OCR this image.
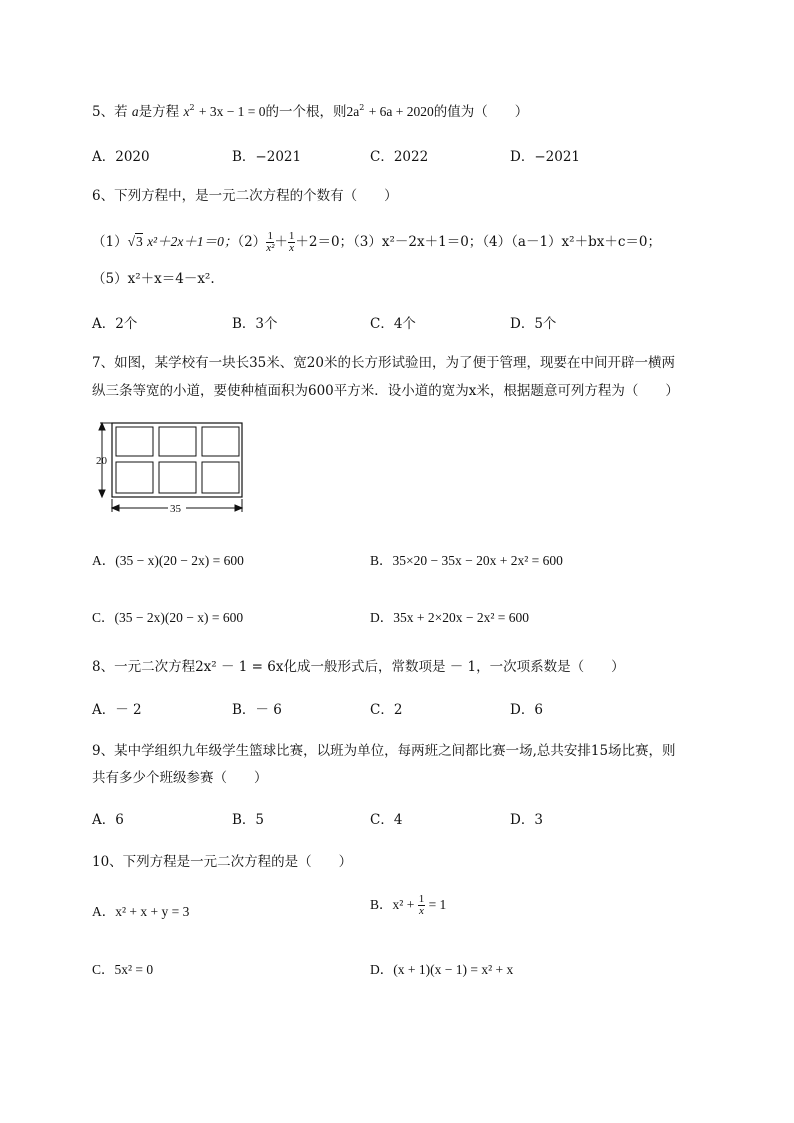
5、若 a是方程 $x^2 + 3x - 1 = 0$的一个根，则$2a^2 + 6a + 2020$的值为（　　）
A．2020	B．−2021	C．2022	D．−2021
6、下列方程中，是一元二次方程的个数有（　　）
（1）√3 x²＋2x＋1＝0；$(2) \frac{1}{\text{x²}} + \frac{1}{x} +2=0$；（3）x²－2x＋1＝0；（4）（a－1）x²＋bx＋c＝0；
（5）x²＋x＝4－x².
A．2个	B．3个	C．4个	D．5个
7、如图，某学校有一块长35米、宽20米的长方形试验田，为了便于管理，现要在中间开辟一横两
纵三条等宽的小道，要使种植面积为600平方米．设小道的宽为x米，根据题意可列方程为（　　）
20
35
A．(35 − x)(20 − 2x) = 600	B．35×20 − 35x − 20x + 2x² = 600
C．(35 − 2x)(20 − x) = 600	D．35x + 2×20x − 2x² = 600
8、一元二次方程2x² － 1 = 6x化成一般形式后，常数项是 － 1，一次项系数是（　　）
A．－ 2	B．－ 6	C．2	D．6
9、某中学组织九年级学生篮球比赛，以班为单位，每两班之间都比赛一场,总共安排15场比赛，则
共有多少个班级参赛（　　）
A．6	B．5	C．4	D．3
10、下列方程是一元二次方程的是（　　）
A．x² + x + y = 3	B．$x^2 + \frac{1}{x} = 1$
C．5x² = 0	D．(x + 1)(x − 1) = x² + x
